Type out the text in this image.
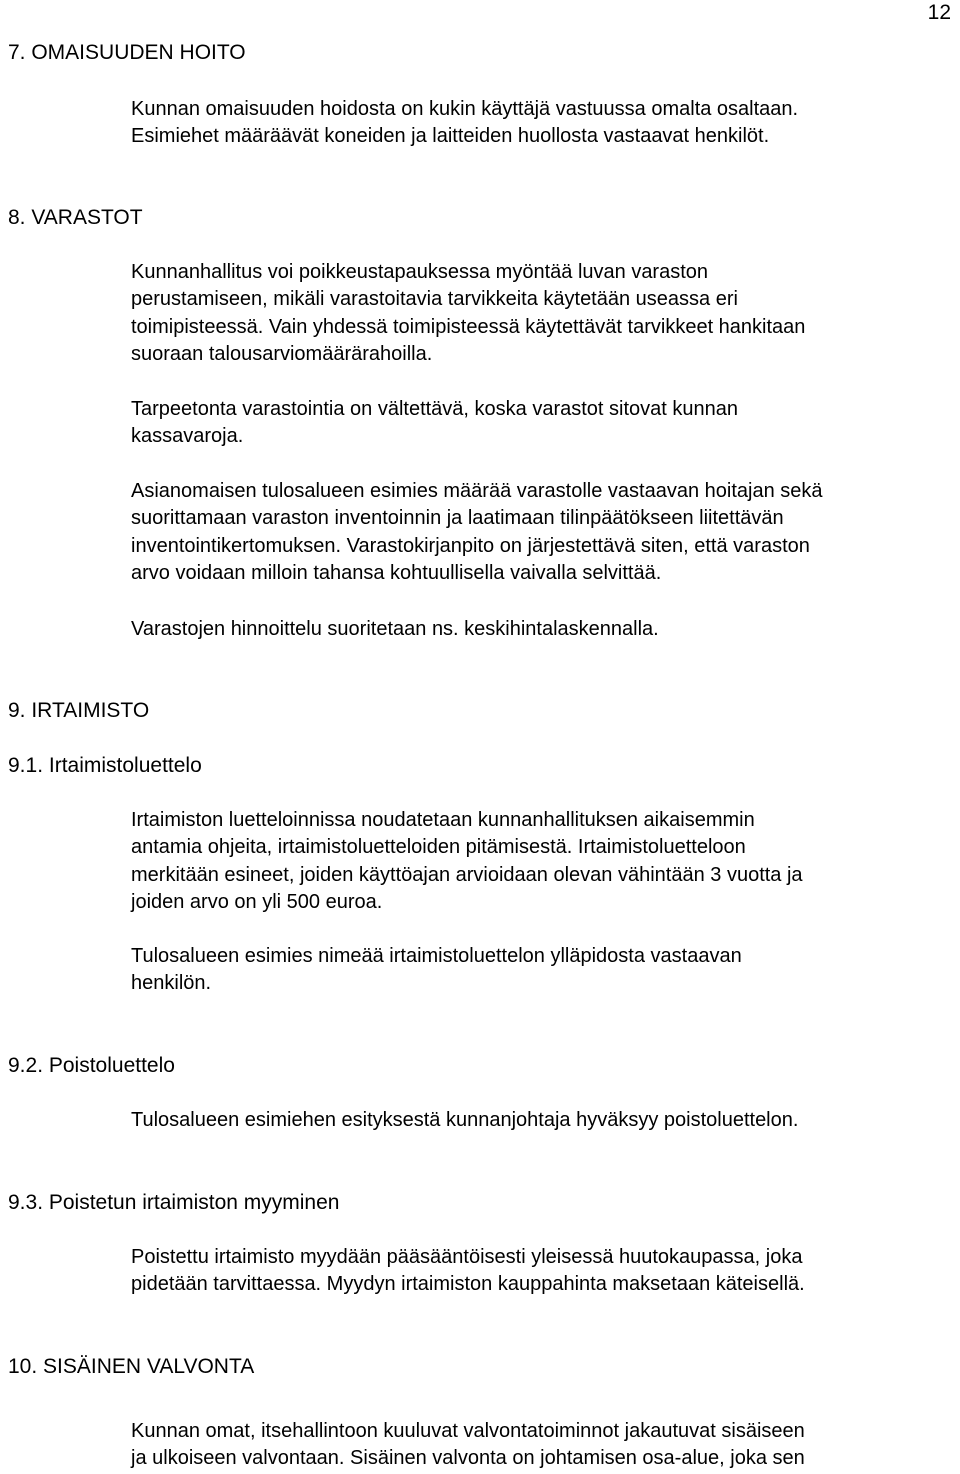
12
7. OMAISUUDEN HOITO
Kunnan omaisuuden hoidosta on kukin käyttäjä vastuussa omalta osaltaan.
Esimiehet määräävät koneiden ja laitteiden huollosta vastaavat henkilöt.
8. VARASTOT
Kunnanhallitus voi poikkeustapauksessa myöntää luvan varaston
perustamiseen, mikäli varastoitavia tarvikkeita käytetään useassa eri
toimipisteessä. Vain yhdessä toimipisteessä käytettävät tarvikkeet hankitaan
suoraan talousarviomäärärahoilla.
Tarpeetonta varastointia on vältettävä, koska varastot sitovat kunnan
kassavaroja.
Asianomaisen tulosalueen esimies määrää varastolle vastaavan hoitajan sekä
suorittamaan varaston inventoinnin ja laatimaan tilinpäätökseen liitettävän
inventointikertomuksen. Varastokirjanpito on järjestettävä siten, että varaston
arvo voidaan milloin tahansa kohtuullisella vaivalla selvittää.
Varastojen hinnoittelu suoritetaan ns. keskihintalaskennalla.
9. IRTAIMISTO
9.1. Irtaimistoluettelo
Irtaimiston luetteloinnissa noudatetaan kunnanhallituksen aikaisemmin
antamia ohjeita, irtaimistoluetteloiden pitämisestä. Irtaimistoluetteloon
merkitään esineet, joiden käyttöajan arvioidaan olevan vähintään 3 vuotta ja
joiden arvo on yli 500 euroa.
Tulosalueen esimies nimeää irtaimistoluettelon ylläpidosta vastaavan
henkilön.
9.2. Poistoluettelo
Tulosalueen esimiehen esityksestä kunnanjohtaja hyväksyy poistoluettelon.
9.3. Poistetun irtaimiston myyminen
Poistettu irtaimisto myydään pääsääntöisesti yleisessä huutokaupassa, joka
pidetään tarvittaessa. Myydyn irtaimiston kauppahinta maksetaan käteisellä.
10. SISÄINEN VALVONTA
Kunnan omat, itsehallintoon kuuluvat valvontatoiminnot jakautuvat sisäiseen
ja ulkoiseen valvontaan. Sisäinen valvonta on johtamisen osa-alue, joka sen
